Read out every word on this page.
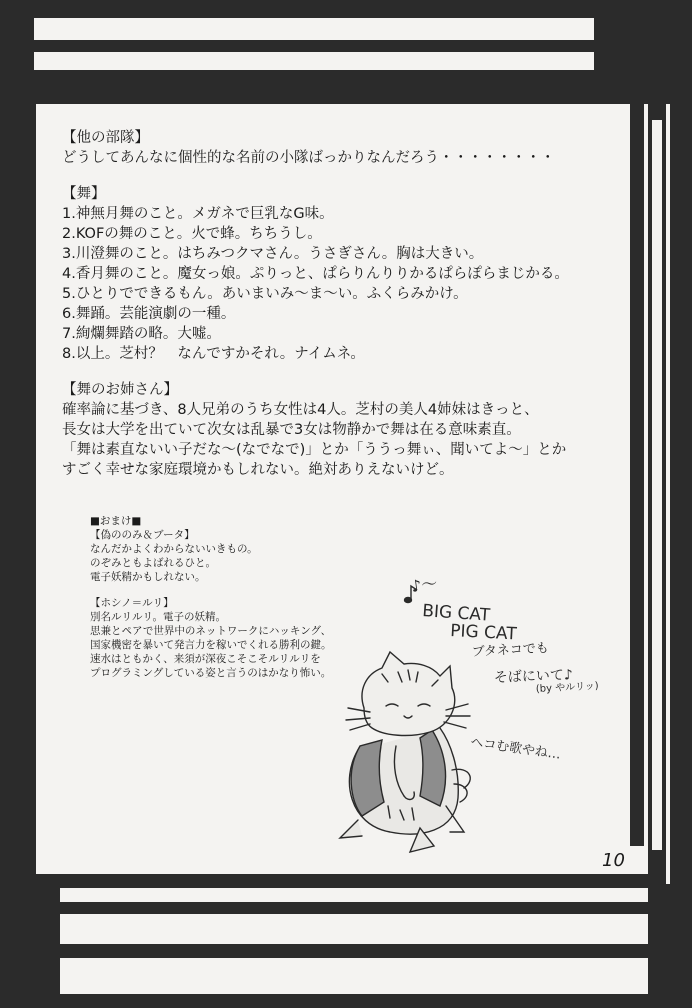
【他の部隊】

どうしてあんなに個性的な名前の小隊ばっかりなんだろう・・・・・・・・

【舞】

1.神無月舞のこと。メガネで巨乳なG味。

2.KOFの舞のこと。火で蜂。ちちうし。

3.川澄舞のこと。はちみつクマさん。うさぎさん。胸は大きい。

4.香月舞のこと。魔女っ娘。ぷりっと、ぱらりんりりかるぱらぽらまじかる。

5.ひとりでできるもん。あいまいみ〜ま〜い。ふくらみかけ。

6.舞踊。芸能演劇の一種。

7.絢爛舞踏の略。大嘘。

8.以上。芝村？　なんですかそれ。ナイムネ。

【舞のお姉さん】

確率論に基づき、8人兄弟のうち女性は4人。芝村の美人4姉妹はきっと、

長女は大学を出ていて次女は乱暴で3女は物静かで舞は在る意味素直。

「舞は素直ないい子だな〜(なでなで)」とか「ううっ舞ぃ、聞いてよ〜」とか

すごく幸せな家庭環境かもしれない。絶対ありえないけど。

■おまけ■

【偽ののみ＆ブータ】

なんだかよくわからないいきもの。

のぞみともよばれるひと。

電子妖精かもしれない。

【ホシノ＝ルリ】

別名ルリルリ。電子の妖精。

思兼とペアで世界中のネットワークにハッキング、

国家機密を暴いて発言力を稼いでくれる勝利の鍵。

速水はともかく、来須が深夜こそこそルリルリを

プログラミングしている姿と言うのはかなり怖い。

♪〜
BIG CAT
PIG CAT
ブタネコでも
そばにいて♪
(by やルリッ)
ヘコむ歌やね…
10
